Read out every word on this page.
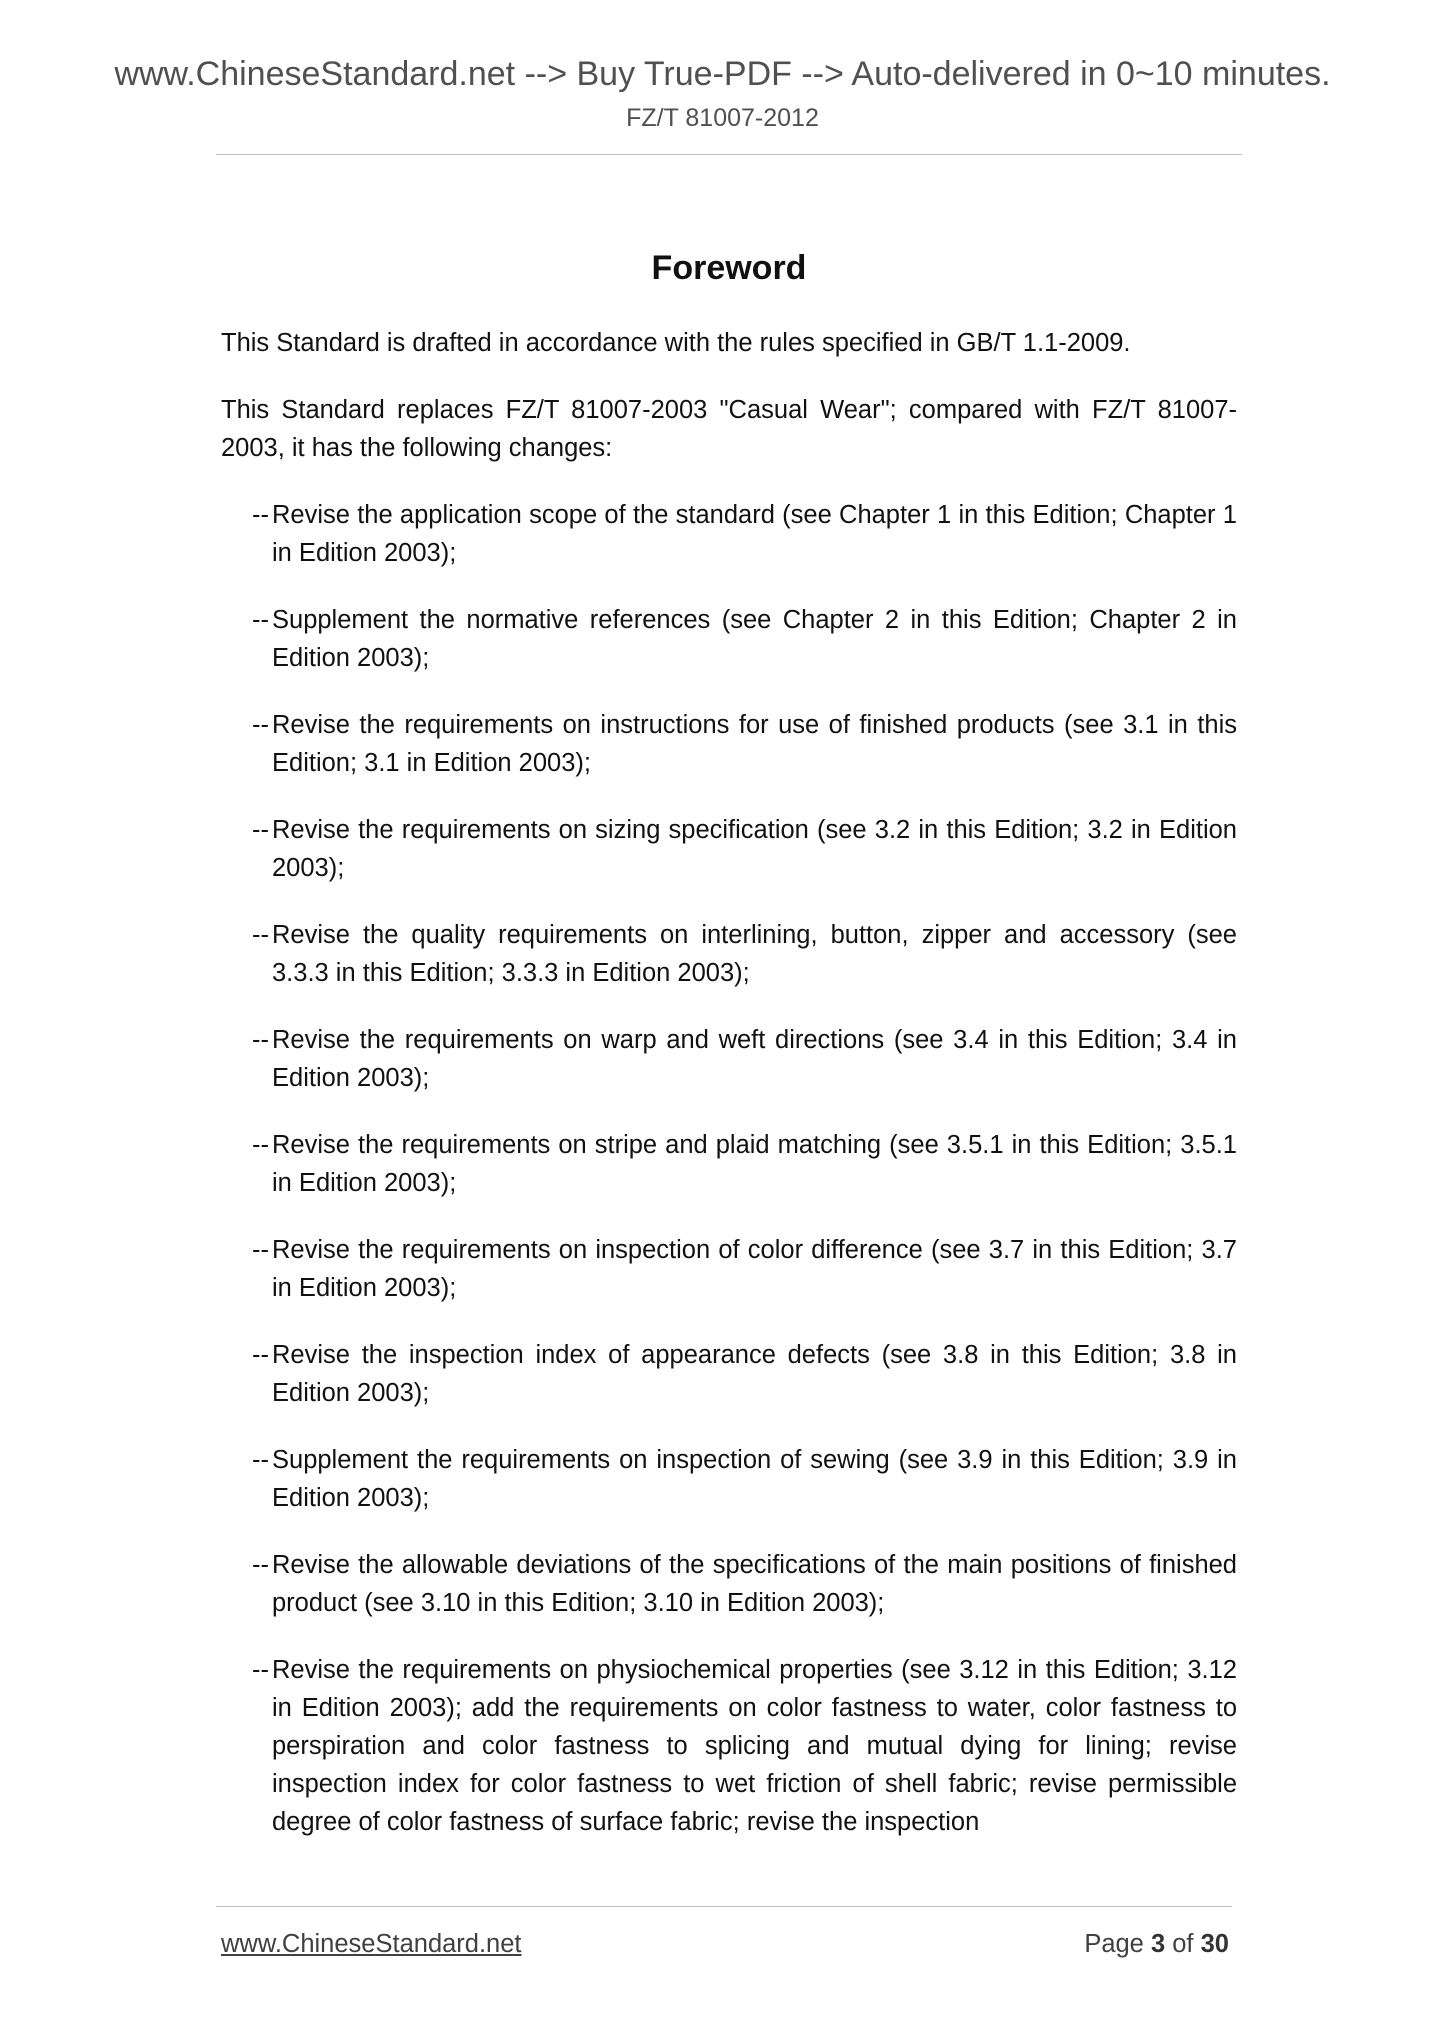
www.ChineseStandard.net --> Buy True-PDF --> Auto-delivered in 0~10 minutes.
FZ/T 81007-2012
Foreword

This Standard is drafted in accordance with the rules specified in GB/T 1.1-2009.

This Standard replaces FZ/T 81007-2003 "Casual Wear"; compared with FZ/T 81007-2003, it has the following changes:

-- Revise the application scope of the standard (see Chapter 1 in this Edition; Chapter 1 in Edition 2003);
-- Supplement the normative references (see Chapter 2 in this Edition; Chapter 2 in Edition 2003);
-- Revise the requirements on instructions for use of finished products (see 3.1 in this Edition; 3.1 in Edition 2003);
-- Revise the requirements on sizing specification (see 3.2 in this Edition; 3.2 in Edition 2003);
-- Revise the quality requirements on interlining, button, zipper and accessory (see 3.3.3 in this Edition; 3.3.3 in Edition 2003);
-- Revise the requirements on warp and weft directions (see 3.4 in this Edition; 3.4 in Edition 2003);
-- Revise the requirements on stripe and plaid matching (see 3.5.1 in this Edition; 3.5.1 in Edition 2003);
-- Revise the requirements on inspection of color difference (see 3.7 in this Edition; 3.7 in Edition 2003);
-- Revise the inspection index of appearance defects (see 3.8 in this Edition; 3.8 in Edition 2003);
-- Supplement the requirements on inspection of sewing (see 3.9 in this Edition; 3.9 in Edition 2003);
-- Revise the allowable deviations of the specifications of the main positions of finished product (see 3.10 in this Edition; 3.10 in Edition 2003);
-- Revise the requirements on physiochemical properties (see 3.12 in this Edition; 3.12 in Edition 2003); add the requirements on color fastness to water, color fastness to perspiration and color fastness to splicing and mutual dying for lining; revise inspection index for color fastness to wet friction of shell fabric; revise permissible degree of color fastness of surface fabric; revise the inspection
www.ChineseStandard.net	Page 3 of 30
